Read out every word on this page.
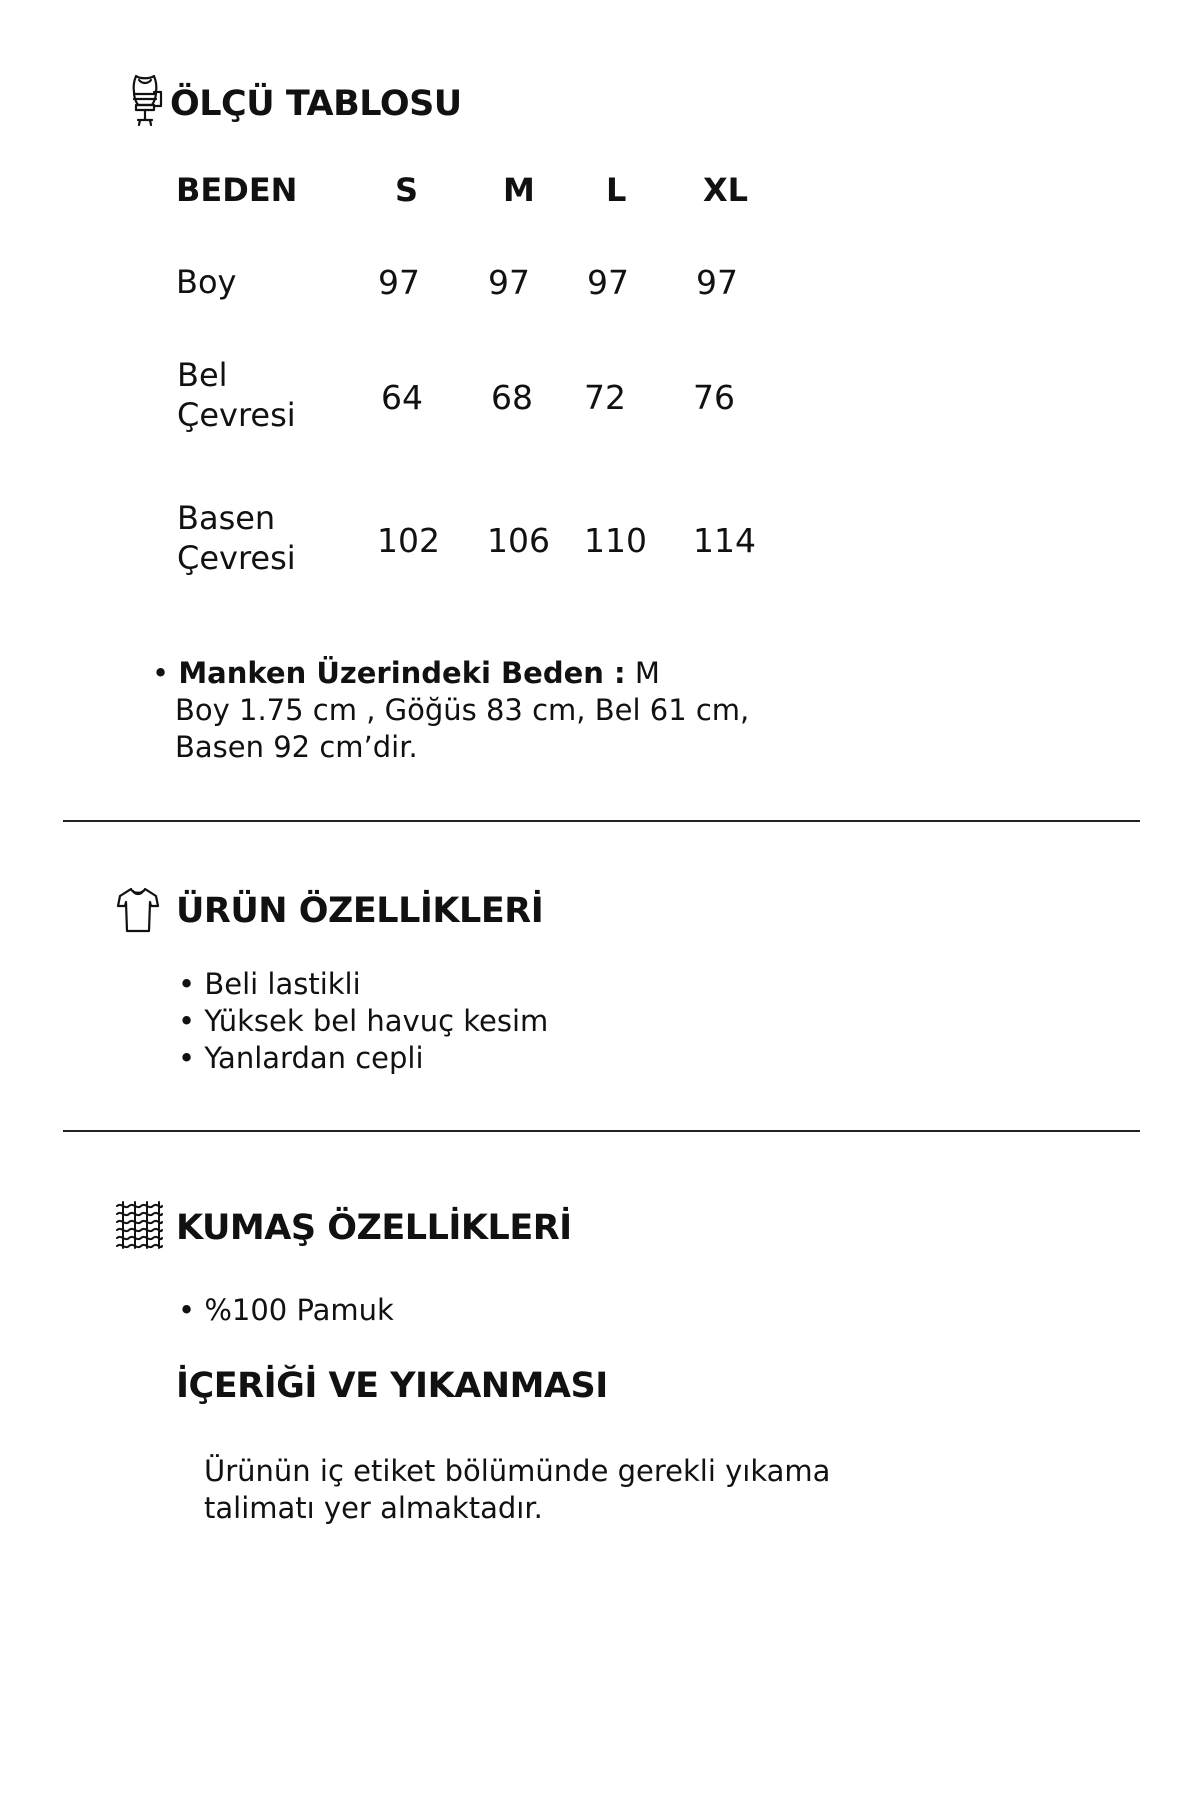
ÖLÇÜ TABLOSU
BEDEN	S	M L XL
Boy	97 97 97 97
Bel
Çevresi	64 68 72 76
Basen
Çevresi 102 106 110 114
• Manken Üzerindeki Beden : M
Boy 1.75 cm , Göğüs 83 cm, Bel 61 cm,
Basen 92 cm’dir.
ÜRÜN ÖZELLİKLERİ
• Beli lastikli
• Yüksek bel havuç kesim
• Yanlardan cepli
KUMAŞ ÖZELLİKLERİ
• %100 Pamuk
İÇERİĞİ VE YIKANMASI
Ürünün iç etiket bölümünde gerekli yıkama
talimatı yer almaktadır.
